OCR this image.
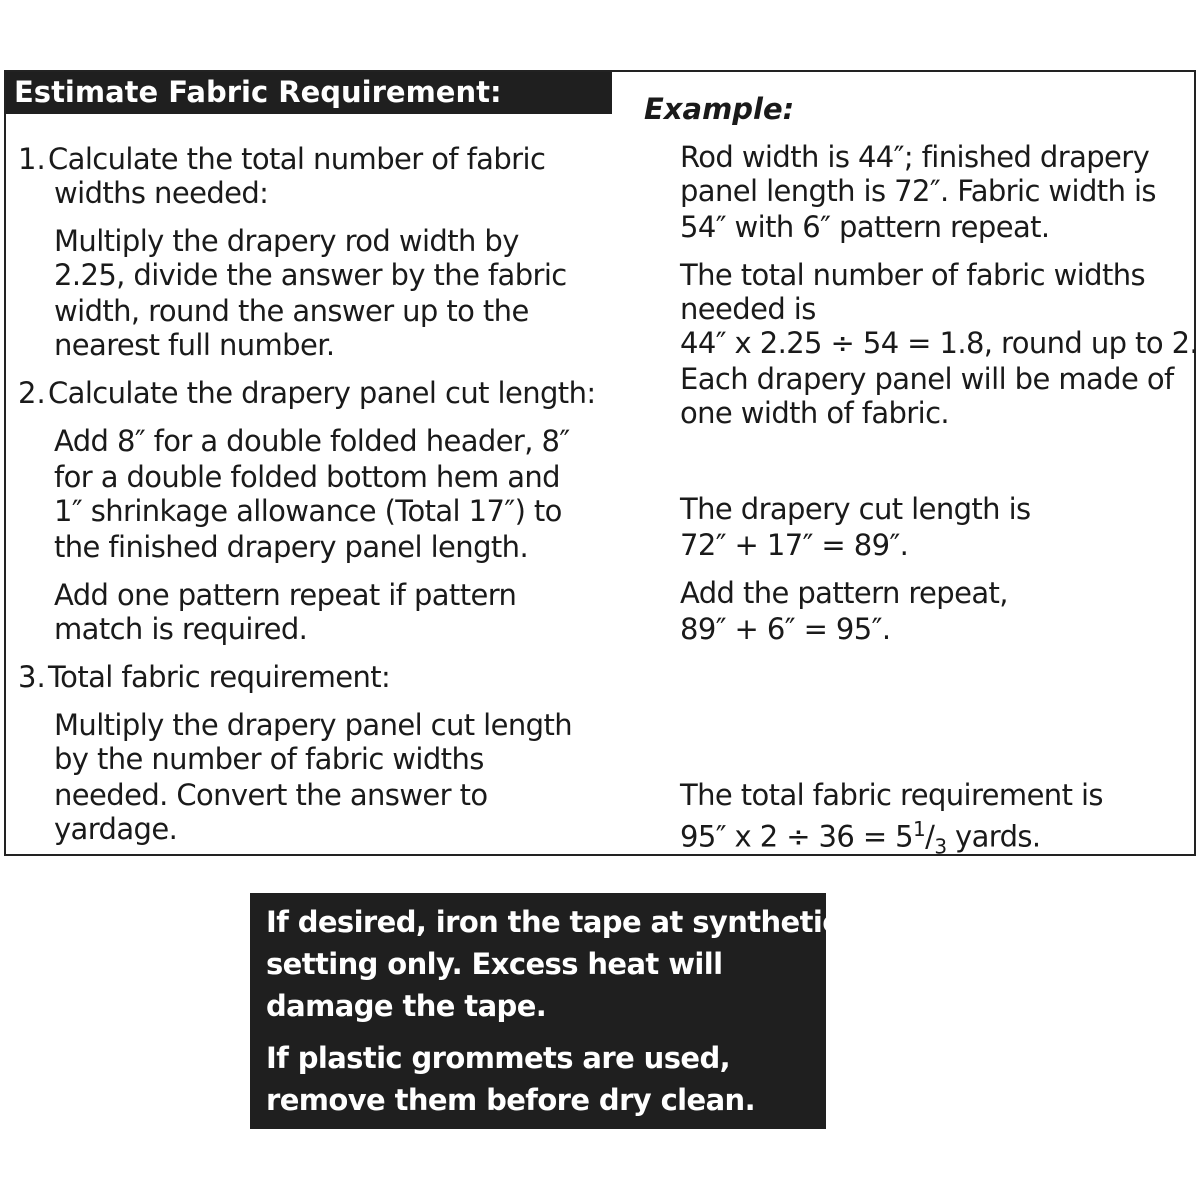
Estimate Fabric Requirement:
1. Calculate the total number of fabric
widths needed:
Multiply the drapery rod width by
2.25, divide the answer by the fabric
width, round the answer up to the
nearest full number.
2. Calculate the drapery panel cut length:
Add 8″ for a double folded header, 8″
for a double folded bottom hem and
1″ shrinkage allowance (Total 17″) to
the finished drapery panel length.
Add one pattern repeat if pattern
match is required.
3. Total fabric requirement:
Multiply the drapery panel cut length
by the number of fabric widths
needed. Convert the answer to
yardage.
Example:
Rod width is 44″; finished drapery
panel length is 72″. Fabric width is
54″ with 6″ pattern repeat.
The total number of fabric widths
needed is
44″ x 2.25 ÷ 54 = 1.8, round up to 2.
Each drapery panel will be made of
one width of fabric.
The drapery cut length is
72″ + 17″ = 89″.
Add the pattern repeat,
89″ + 6″ = 95″.
The total fabric requirement is
95″ x $2 \div 36 = 5^1/_3$ yards.
If desired, iron the tape at synthetic
setting only. Excess heat will
damage the tape.
If plastic grommets are used,
remove them before dry clean.
